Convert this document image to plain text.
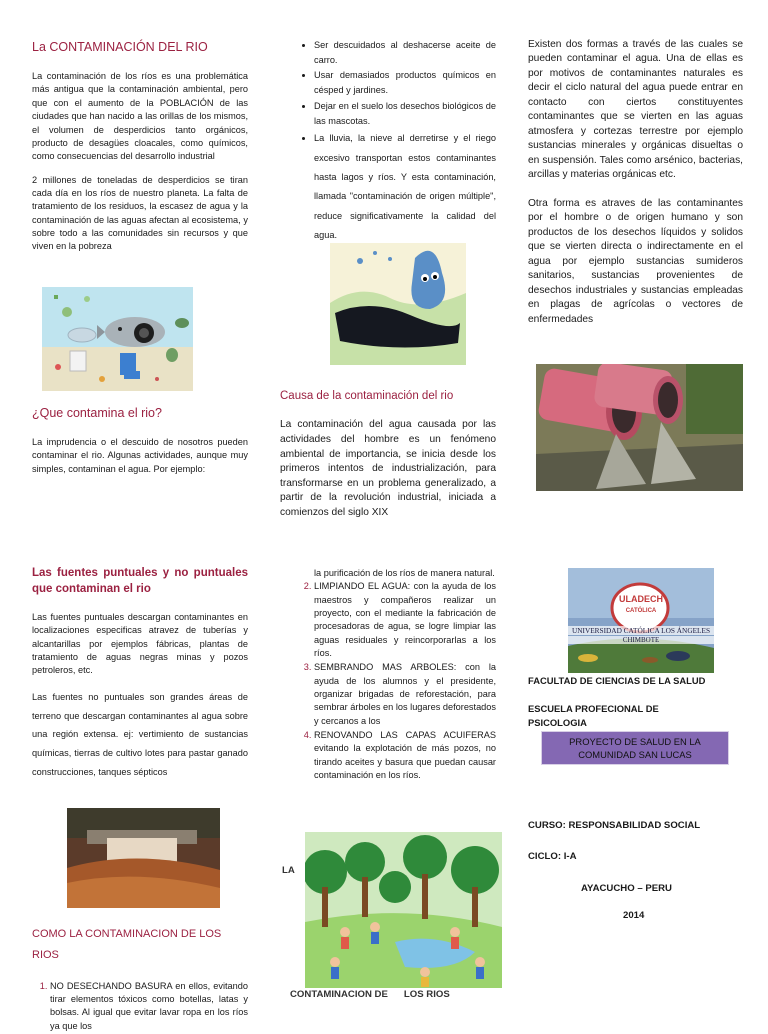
La CONTAMINACIÓN DEL RIO

La contaminación de los ríos es una problemática más antigua que la contaminación ambiental, pero que con el aumento de la POBLACIÓN de las ciudades que han nacido a las orillas de los mismos, el volumen de desperdicios tanto orgánicos, producto de desagües cloacales, como químicos, como consecuencias del desarrollo industrial

2 millones de toneladas de desperdicios se tiran cada día en los ríos de nuestro planeta. La falta de tratamiento de los residuos, la escasez de agua y la contaminación de las aguas afectan al ecosistema, y sobre todo a las comunidades sin recursos y que viven en la pobreza

¿Que contamina el rio?

La imprudencia o el descuido de nosotros pueden contaminar el rio. Algunas actividades, aunque muy simples, contaminan el agua. Por ejemplo:

• Ser descuidados al deshacerse aceite de carro.
• Usar demasiados productos químicos en césped y jardines.
• Dejar en el suelo los desechos biológicos de las mascotas.
• La lluvia, la nieve al derretirse y el riego excesivo transportan estos contaminantes hasta lagos y ríos. Y esta contaminación, llamada "contaminación de origen múltiple", reduce significativamente la calidad del agua.
Causa de la contaminación del rio

La contaminación del agua causada por las actividades del hombre es un fenómeno ambiental de importancia, se inicia desde los primeros intentos de industrialización, para transformarse en un problema generalizado, a partir de la revolución industrial, iniciada a comienzos del siglo XIX

Existen dos formas a través de las cuales se pueden contaminar el agua. Una de ellas es por motivos de contaminantes naturales es decir el ciclo natural del agua puede entrar en contacto con ciertos constituyentes contaminantes que se vierten en las aguas atmosfera y cortezas terrestre por ejemplo sustancias minerales y orgánicas disueltas o en suspensión. Tales como arsénico, bacterias, arcillas y materias orgánicas etc.

Otra forma es atraves de las contaminantes por el hombre o de origen humano y son productos de los desechos líquidos y solidos que se vierten directa o indirectamente en el agua por ejemplo sustancias sumideros sanitarios, sustancias provenientes de desechos industriales y sustancias empleadas en plagas de agrícolas o vectores de enfermedades

Las fuentes puntuales y no puntuales que contaminan el rio

Las fuentes puntuales descargan contaminantes en localizaciones especificas atravez de tuberías y alcantarillas por ejemplos fábricas, plantas de tratamiento de aguas negras minas y pozos petroleros, etc.

Las fuentes no puntuales son grandes áreas de terreno que descargan contaminantes al agua sobre una región extensa. ej: vertimiento de sustancias químicas, tierras de cultivo lotes para pastar ganado construcciones, tanques sépticos

COMO LA CONTAMINACION DE LOS RIOS
1. NO DESECHANDO BASURA en ellos, evitando tirar elementos tóxicos como botellas, latas y bolsas. Al igual que evitar lavar ropa en los ríos ya que los

la purificación de los ríos de manera natural.

2. LIMPIANDO EL AGUA: con la ayuda de los maestros y compañeros realizar un proyecto, con el mediante la fabricación de procesadoras de agua, se logre limpiar las aguas residuales y reincorporarlas a los ríos.
3. SEMBRANDO MAS ARBOLES: con la ayuda de los alumnos y el presidente, organizar brigadas de reforestación, para sembrar árboles en los lugares deforestados y cercanos a los
4. RENOVANDO LAS CAPAS ACUIFERAS evitando la explotación de más pozos, no tirando aceites y basura que puedan causar contaminación en los ríos.
LA
CONTAMINACION DE      LOS RIOS
ULADECH
CATÓLICA
UNIVERSIDAD CATÓLICA LOS ÁNGELES
CHIMBOTE
FACULTAD DE CIENCIAS DE LA SALUD
ESCUELA PROFECIONAL DE PSICOLOGIA
PROYECTO DE SALUD EN LA COMUNIDAD SAN LUCAS
CURSO: RESPONSABILIDAD SOCIAL
CICLO: I-A
AYACUCHO – PERU
2014
